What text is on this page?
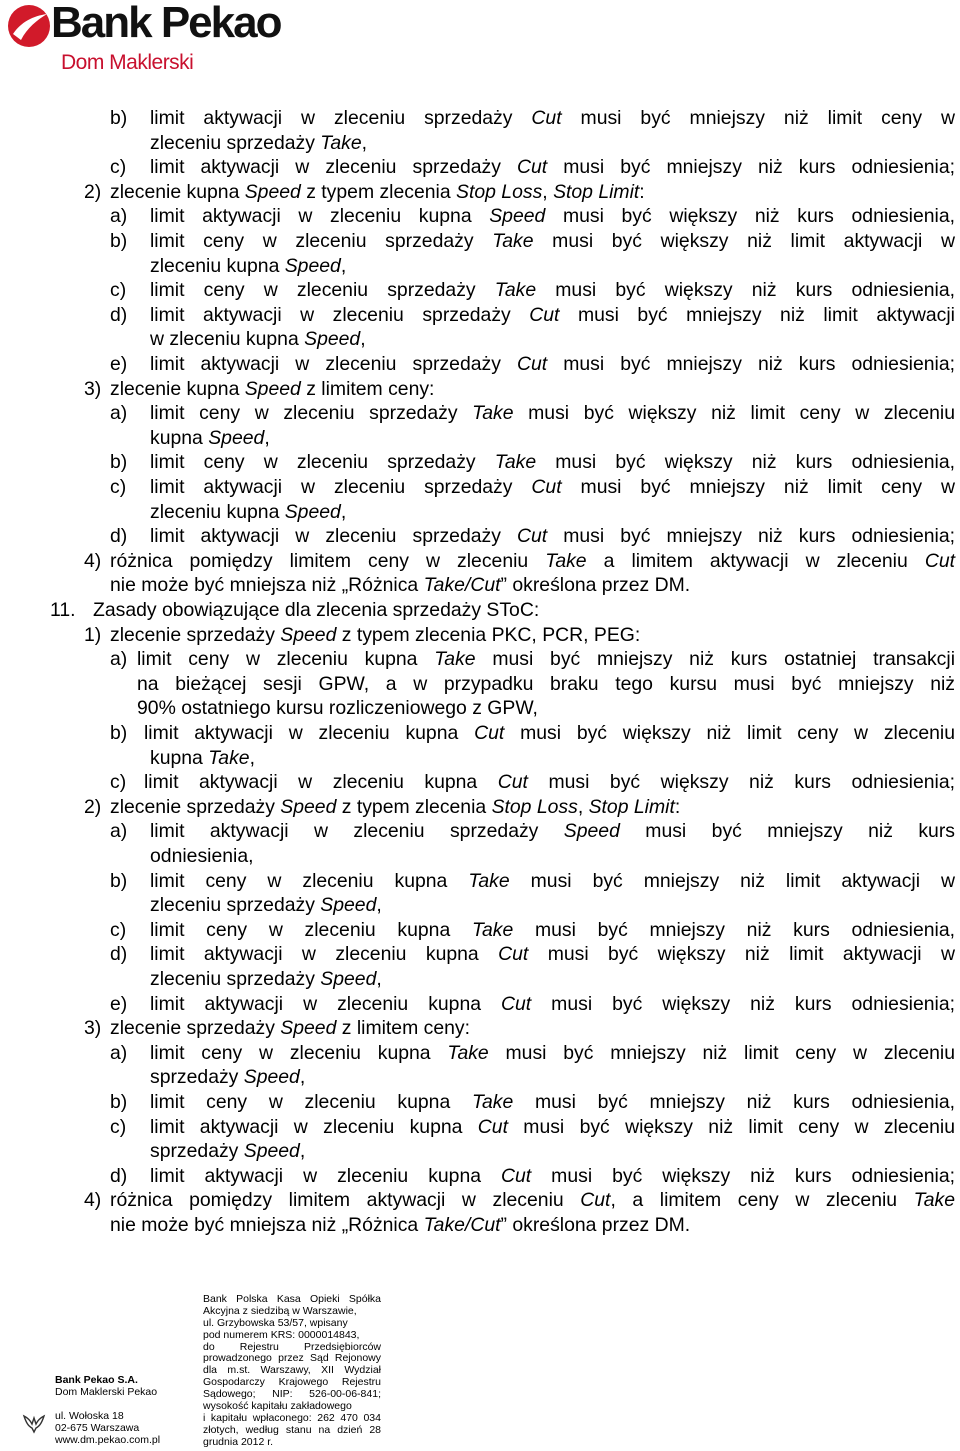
Bank Pekao
Dom Maklerski
b) limit aktywacji w zleceniu sprzedaży Cut musi być mniejszy niż limit ceny w
zleceniu sprzedaży Take,
c) limit aktywacji w zleceniu sprzedaży Cut musi być mniejszy niż kurs odniesienia;
2) zlecenie kupna Speed z typem zlecenia Stop Loss, Stop Limit:
a) limit aktywacji w zleceniu kupna Speed musi być większy niż kurs odniesienia,
b) limit ceny w zleceniu sprzedaży Take musi być większy niż limit aktywacji w
zleceniu kupna Speed,
c) limit ceny w zleceniu sprzedaży Take musi być większy niż kurs odniesienia,
d) limit aktywacji w zleceniu sprzedaży Cut musi być mniejszy niż limit aktywacji
w zleceniu kupna Speed,
e) limit aktywacji w zleceniu sprzedaży Cut musi być mniejszy niż kurs odniesienia;
3) zlecenie kupna Speed z limitem ceny:
a) limit ceny w zleceniu sprzedaży Take musi być większy niż limit ceny w zleceniu
kupna Speed,
b) limit ceny w zleceniu sprzedaży Take musi być większy niż kurs odniesienia,
c) limit aktywacji w zleceniu sprzedaży Cut musi być mniejszy niż limit ceny w
zleceniu kupna Speed,
d) limit aktywacji w zleceniu sprzedaży Cut musi być mniejszy niż kurs odniesienia;
4) różnica pomiędzy limitem ceny w zleceniu Take a limitem aktywacji w zleceniu Cut
nie może być mniejsza niż „Różnica Take/Cut” określona przez DM.
11. Zasady obowiązujące dla zlecenia sprzedaży SToC:
1) zlecenie sprzedaży Speed z typem zlecenia PKC, PCR, PEG:
a) limit ceny w zleceniu kupna Take musi być mniejszy niż kurs ostatniej transakcji
na bieżącej sesji GPW, a w przypadku braku tego kursu musi być mniejszy niż
90% ostatniego kursu rozliczeniowego z GPW,
b) limit aktywacji w zleceniu kupna Cut musi być większy niż limit ceny w zleceniu
kupna Take,
c) limit aktywacji w zleceniu kupna Cut musi być większy niż kurs odniesienia;
2) zlecenie sprzedaży Speed z typem zlecenia Stop Loss, Stop Limit:
a) limit aktywacji w zleceniu sprzedaży Speed musi być mniejszy niż kurs
odniesienia,
b) limit ceny w zleceniu kupna Take musi być mniejszy niż limit aktywacji w
zleceniu sprzedaży Speed,
c) limit ceny w zleceniu kupna Take musi być mniejszy niż kurs odniesienia,
d) limit aktywacji w zleceniu kupna Cut musi być większy niż limit aktywacji w
zleceniu sprzedaży Speed,
e) limit aktywacji w zleceniu kupna Cut musi być większy niż kurs odniesienia;
3) zlecenie sprzedaży Speed z limitem ceny:
a) limit ceny w zleceniu kupna Take musi być mniejszy niż limit ceny w zleceniu
sprzedaży Speed,
b) limit ceny w zleceniu kupna Take musi być mniejszy niż kurs odniesienia,
c) limit aktywacji w zleceniu kupna Cut musi być większy niż limit ceny w zleceniu
sprzedaży Speed,
d) limit aktywacji w zleceniu kupna Cut musi być większy niż kurs odniesienia;
4) różnica pomiędzy limitem aktywacji w zleceniu Cut, a limitem ceny w zleceniu Take
nie może być mniejsza niż „Różnica Take/Cut” określona przez DM.
Bank Pekao S.A.
Dom Maklerski Pekao
ul. Wołoska 18
02-675 Warszawa
www.dm.pekao.com.pl
Bank Polska Kasa Opieki Spółka
Akcyjna z siedzibą w Warszawie,
ul. Grzybowska 53/57, wpisany
pod numerem KRS: 0000014843,
do Rejestru Przedsiębiorców
prowadzonego przez Sąd Rejonowy
dla m.st. Warszawy, XII Wydział
Gospodarczy Krajowego Rejestru
Sądowego; NIP: 526-00-06-841;
wysokość kapitału zakładowego
i kapitału wpłaconego: 262 470 034
złotych, według stanu na dzień 28
grudnia 2012 r.
